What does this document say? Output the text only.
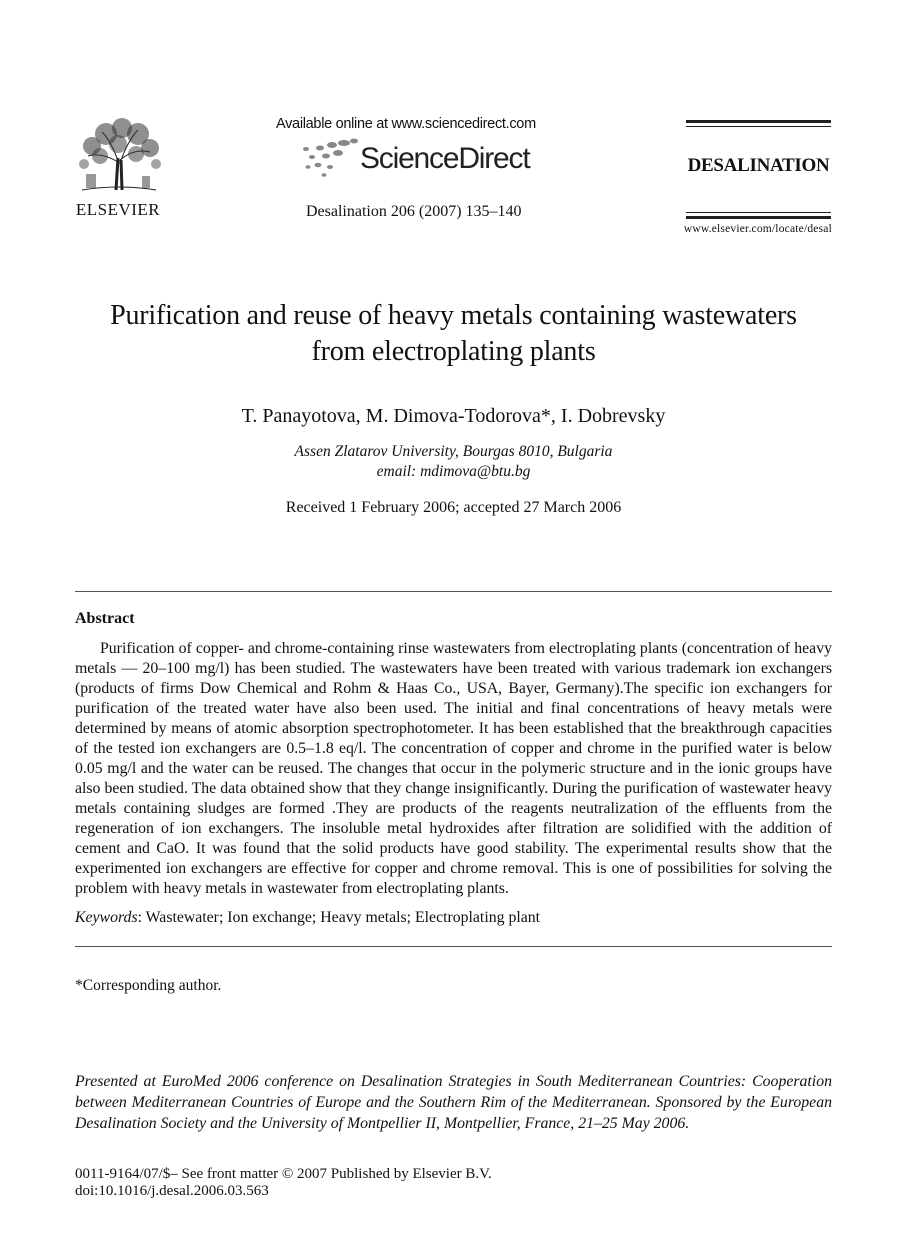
ELSEVIER
Available online at www.sciencedirect.com
ScienceDirect
Desalination 206 (2007) 135–140
DESALINATION
www.elsevier.com/locate/desal
Purification and reuse of heavy metals containing wastewaters
from electroplating plants
T. Panayotova, M. Dimova-Todorova*, I. Dobrevsky
Assen Zlatarov University, Bourgas 8010, Bulgaria
email: mdimova@btu.bg
Received 1 February 2006; accepted 27 March 2006
Abstract
Purification of copper- and chrome-containing rinse wastewaters from electroplating plants (concentration of heavy metals — 20–100 mg/l) has been studied. The wastewaters have been treated with various trademark ion exchangers (products of firms Dow Chemical and Rohm & Haas Co., USA, Bayer, Germany).The specific ion exchangers for purification of the treated water have also been used. The initial and final concentrations of heavy metals were determined by means of atomic absorption spectrophotometer. It has been established that the breakthrough capacities of the tested ion exchangers are 0.5–1.8 eq/l. The concentration of copper and chrome in the purified water is below 0.05 mg/l and the water can be reused. The changes that occur in the polymeric structure and in the ionic groups have also been studied. The data obtained show that they change insignificantly. During the purification of wastewater heavy metals containing sludges are formed .They are products of the reagents neutralization of the effluents from the regeneration of ion exchangers. The insoluble metal hydroxides after filtration are solidified with the addition of cement and CaO. It was found that the solid products have good stability. The experimental results show that the experimented ion exchangers are effective for copper and chrome removal. This is one of possibilities for solving the problem with heavy metals in wastewater from electroplating plants.
Keywords: Wastewater; Ion exchange; Heavy metals; Electroplating plant
*Corresponding author.
Presented at EuroMed 2006 conference on Desalination Strategies in South Mediterranean Countries: Cooperation between Mediterranean Countries of Europe and the Southern Rim of the Mediterranean. Sponsored by the European Desalination Society and the University of Montpellier II, Montpellier, France, 21–25 May 2006.
0011-9164/07/$– See front matter © 2007 Published by Elsevier B.V.
doi:10.1016/j.desal.2006.03.563
